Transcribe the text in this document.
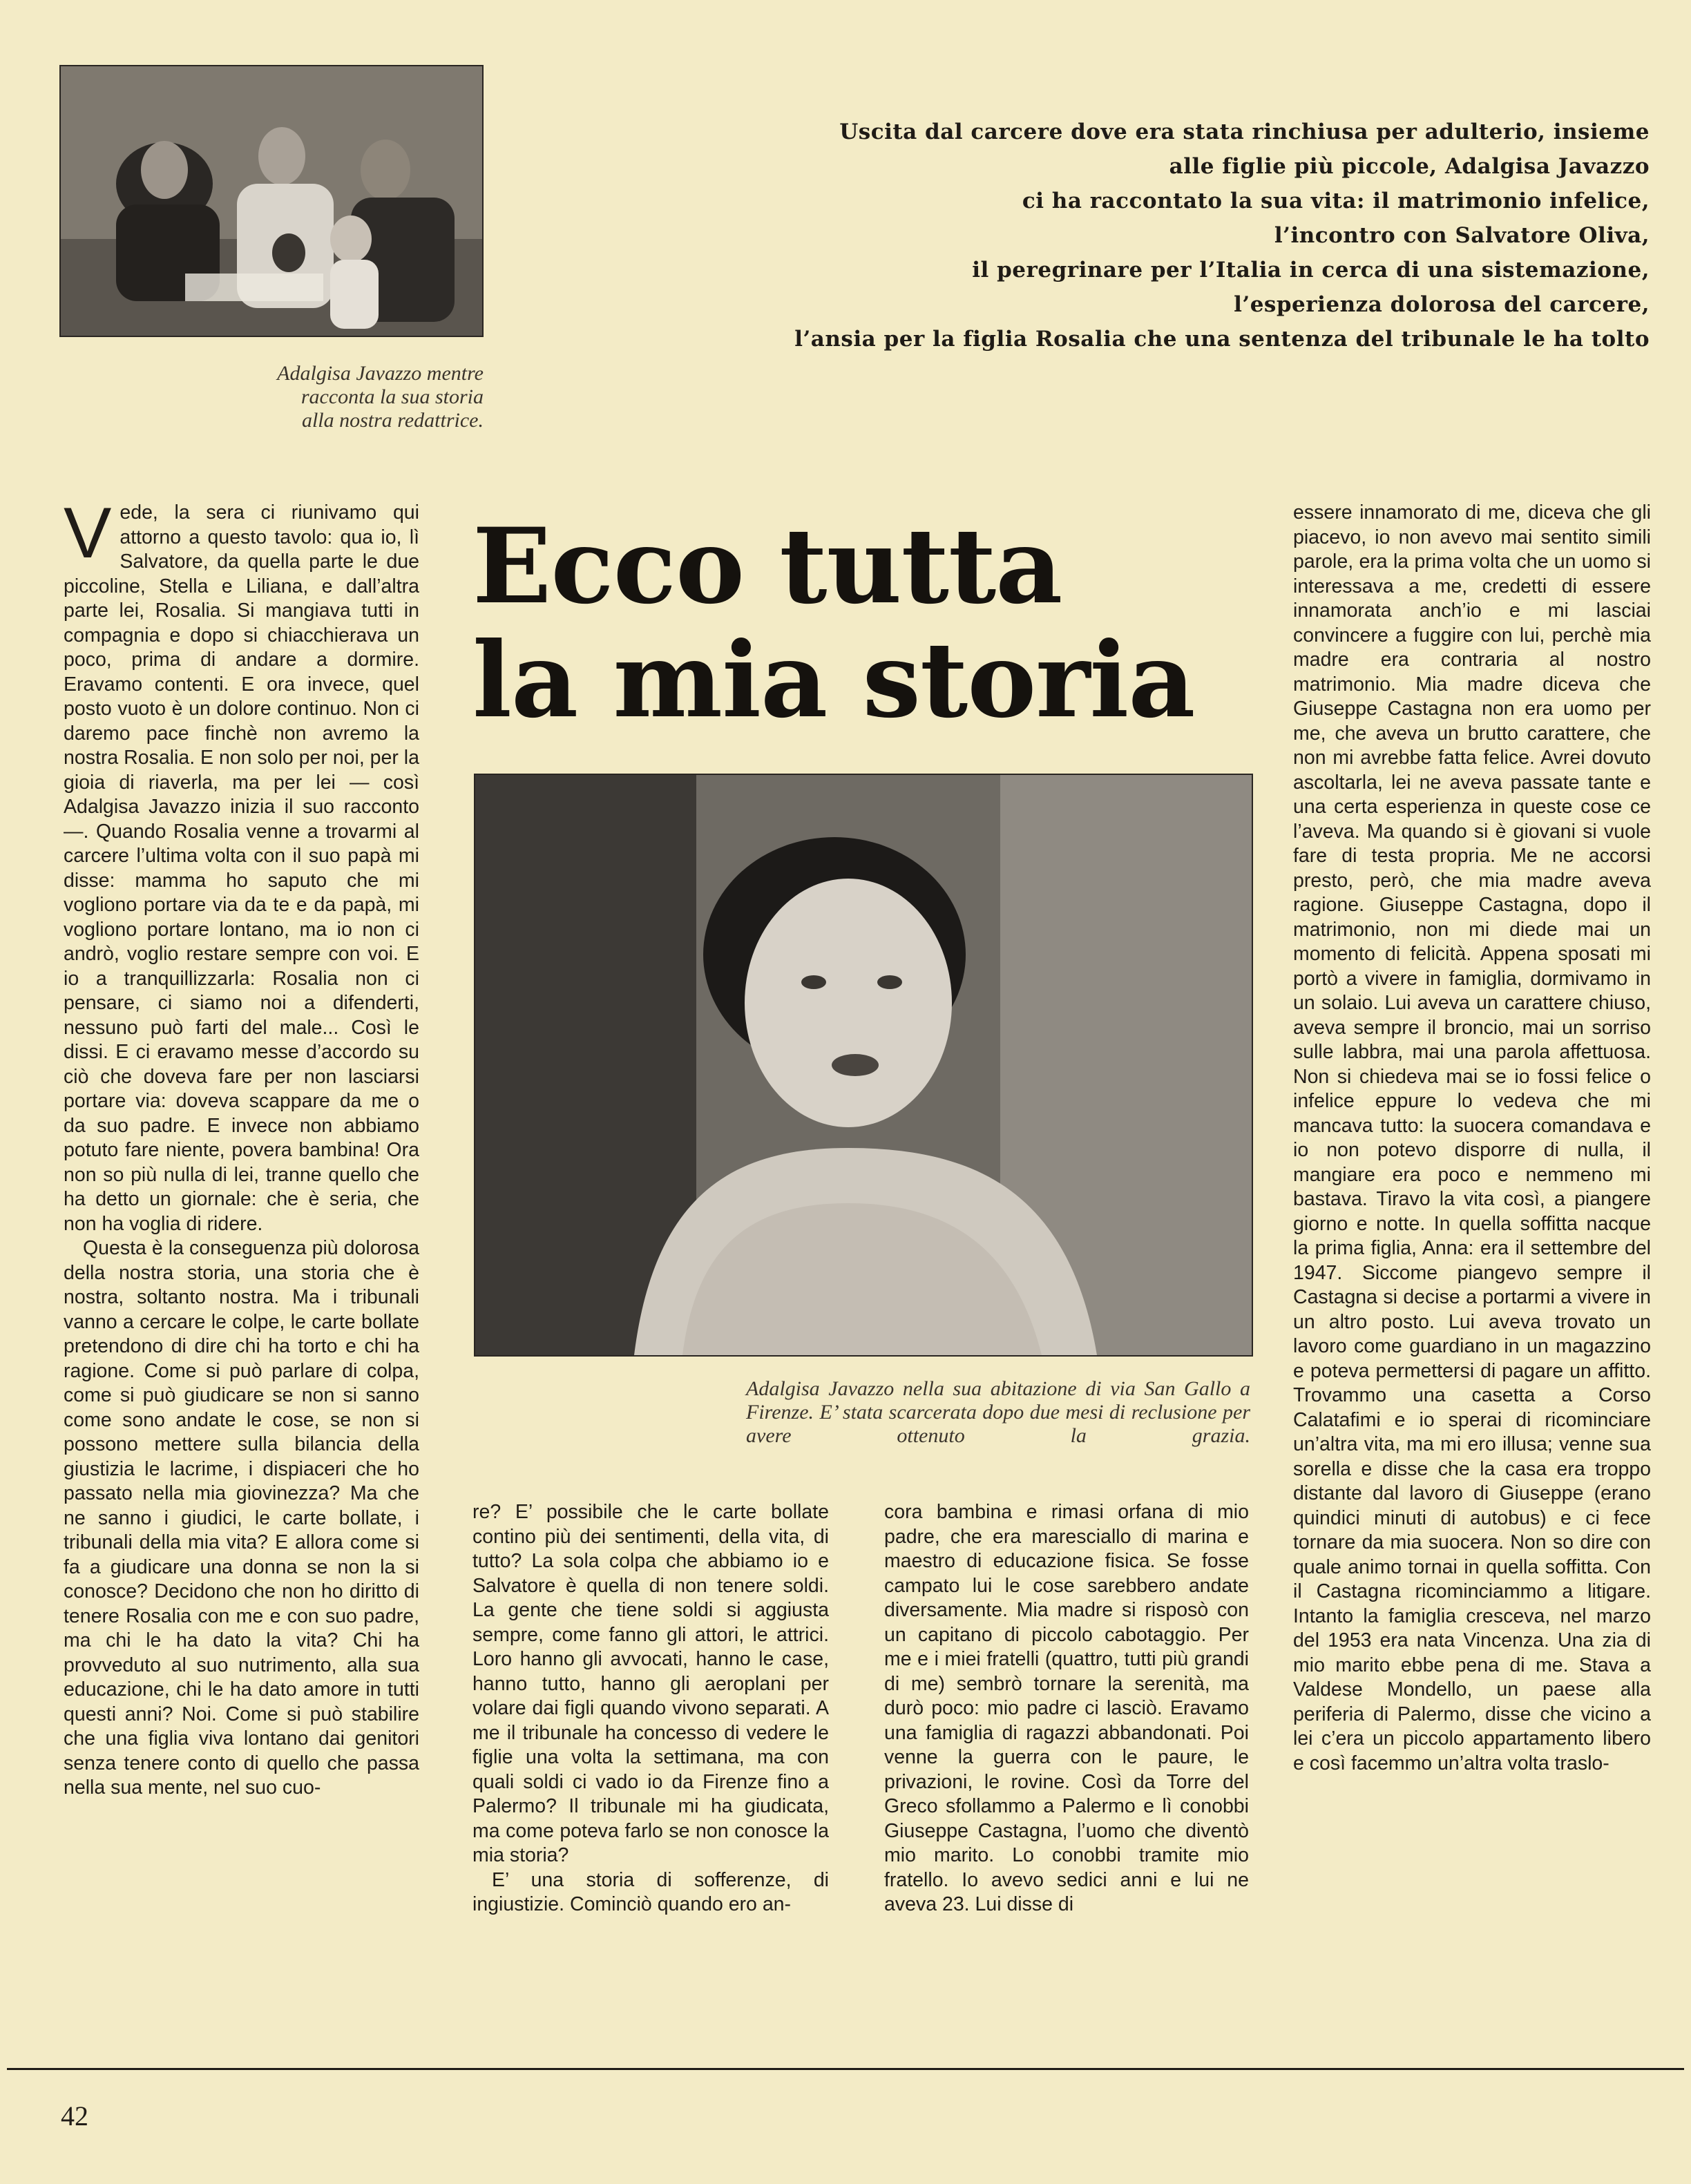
Adalgisa Javazzo mentre
racconta la sua storia
alla nostra redattrice.
Uscita dal carcere dove era stata rinchiusa per adulterio, insieme
alle figlie più piccole, Adalgisa Javazzo
ci ha raccontato la sua vita: il matrimonio infelice,
l’incontro con Salvatore Oliva,
il peregrinare per l’Italia in cerca di una sistemazione,
l’esperienza dolorosa del carcere,
l’ansia per la figlia Rosalia che una sentenza del tribunale le ha tolto
Ecco tutta
la mia storia
Adalgisa Javazzo nella sua abitazione di via San Gallo a Firenze. E’ stata scarcerata dopo due mesi di reclusione per avere ottenuto la grazia.
V ede, la sera ci riunivamo qui attorno a questo tavolo: qua io, lì Salvatore, da quella parte le due piccoline, Stella e Liliana, e dall’altra parte lei, Rosalia. Si mangiava tutti in compagnia e dopo si chiacchierava un poco, prima di andare a dormire. Eravamo contenti. E ora invece, quel posto vuoto è un dolore continuo. Non ci daremo pace finchè non avremo la nostra Rosalia. E non solo per noi, per la gioia di riaverla, ma per lei — così Adalgisa Javazzo inizia il suo racconto —. Quando Rosalia venne a trovarmi al carcere l’ultima volta con il suo papà mi disse: mamma ho saputo che mi vogliono portare via da te e da papà, mi vogliono portare lontano, ma io non ci andrò, voglio restare sempre con voi. E io a tranquillizzarla: Rosalia non ci pensare, ci siamo noi a difenderti, nessuno può farti del male... Così le dissi. E ci eravamo messe d’accordo su ciò che doveva fare per non lasciarsi portare via: doveva scappare da me o da suo padre. E invece non abbiamo potuto fare niente, povera bambina! Ora non so più nulla di lei, tranne quello che ha detto un giornale: che è seria, che non ha voglia di ridere.

Questa è la conseguenza più dolorosa della nostra storia, una storia che è nostra, soltanto nostra. Ma i tribunali vanno a cercare le colpe, le carte bollate pretendono di dire chi ha torto e chi ha ragione. Come si può parlare di colpa, come si può giudicare se non si sanno come sono andate le cose, se non si possono mettere sulla bilancia della giustizia le lacrime, i dispiaceri che ho passato nella mia giovinezza? Ma che ne sanno i giudici, le carte bollate, i tribunali della mia vita? E allora come si fa a giudicare una donna se non la si conosce? Decidono che non ho diritto di tenere Rosalia con me e con suo padre, ma chi le ha dato la vita? Chi ha provveduto al suo nutrimento, alla sua educazione, chi le ha dato amore in tutti questi anni? Noi. Come si può stabilire che una figlia viva lontano dai genitori senza tenere conto di quello che passa nella sua mente, nel suo cuo-

re? E’ possibile che le carte bollate contino più dei sentimenti, della vita, di tutto? La sola colpa che abbiamo io e Salvatore è quella di non tenere soldi. La gente che tiene soldi si aggiusta sempre, come fanno gli attori, le attrici. Loro hanno gli avvocati, hanno le case, hanno tutto, hanno gli aeroplani per volare dai figli quando vivono separati. A me il tribunale ha concesso di vedere le figlie una volta la settimana, ma con quali soldi ci vado io da Firenze fino a Palermo? Il tribunale mi ha giudicata, ma come poteva farlo se non conosce la mia storia?

E’ una storia di sofferenze, di ingiustizie. Cominciò quando ero an-

cora bambina e rimasi orfana di mio padre, che era maresciallo di marina e maestro di educazione fisica. Se fosse campato lui le cose sarebbero andate diversamente. Mia madre si risposò con un capitano di piccolo cabotaggio. Per me e i miei fratelli (quattro, tutti più grandi di me) sembrò tornare la serenità, ma durò poco: mio padre ci lasciò. Eravamo una famiglia di ragazzi abbandonati. Poi venne la guerra con le paure, le privazioni, le rovine. Così da Torre del Greco sfollammo a Palermo e lì conobbi Giuseppe Castagna, l’uomo che diventò mio marito. Lo conobbi tramite mio fratello. Io avevo sedici anni e lui ne aveva 23. Lui disse di

essere innamorato di me, diceva che gli piacevo, io non avevo mai sentito simili parole, era la prima volta che un uomo si interessava a me, credetti di essere innamorata anch’io e mi lasciai convincere a fuggire con lui, perchè mia madre era contraria al nostro matrimonio. Mia madre diceva che Giuseppe Castagna non era uomo per me, che aveva un brutto carattere, che non mi avrebbe fatta felice. Avrei dovuto ascoltarla, lei ne aveva passate tante e una certa esperienza in queste cose ce l’aveva. Ma quando si è giovani si vuole fare di testa propria. Me ne accorsi presto, però, che mia madre aveva ragione. Giuseppe Castagna, dopo il matrimonio, non mi diede mai un momento di felicità. Appena sposati mi portò a vivere in famiglia, dormivamo in un solaio. Lui aveva un carattere chiuso, aveva sempre il broncio, mai un sorriso sulle labbra, mai una parola affettuosa. Non si chiedeva mai se io fossi felice o infelice eppure lo vedeva che mi mancava tutto: la suocera comandava e io non potevo disporre di nulla, il mangiare era poco e nemmeno mi bastava. Tiravo la vita così, a piangere giorno e notte. In quella soffitta nacque la prima figlia, Anna: era il settembre del 1947. Siccome piangevo sempre il Castagna si decise a portarmi a vivere in un altro posto. Lui aveva trovato un lavoro come guardiano in un magazzino e poteva permettersi di pagare un affitto. Trovammo una casetta a Corso Calatafimi e io sperai di ricominciare un’altra vita, ma mi ero illusa; venne sua sorella e disse che la casa era troppo distante dal lavoro di Giuseppe (erano quindici minuti di autobus) e ci fece tornare da mia suocera. Non so dire con quale animo tornai in quella soffitta. Con il Castagna ricominciammo a litigare. Intanto la famiglia cresceva, nel marzo del 1953 era nata Vincenza. Una zia di mio marito ebbe pena di me. Stava a Valdese Mondello, un paese alla periferia di Palermo, disse che vicino a lei c’era un piccolo appartamento libero e così facemmo un’altra volta traslo-

42
